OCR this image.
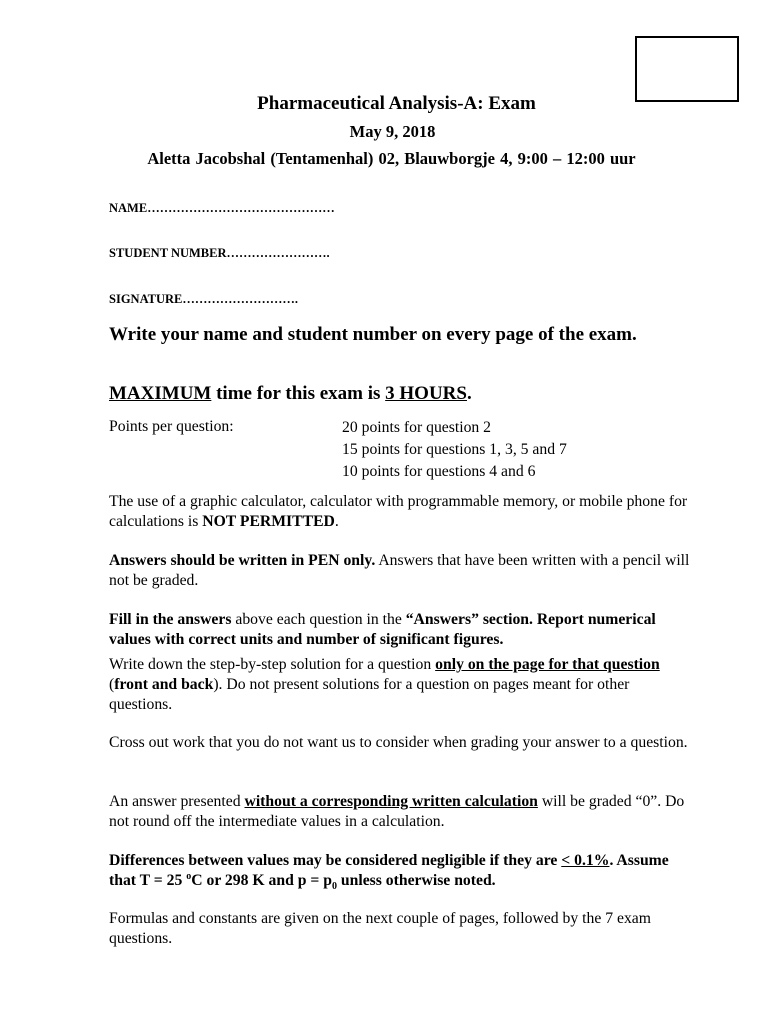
Pharmaceutical Analysis-A: Exam
May 9, 2018
Aletta Jacobshal (Tentamenhal) 02, Blauwborgje 4, 9:00 – 12:00 uur
NAME………………………………………
STUDENT NUMBER…………………….
SIGNATURE……………………….
Write your name and student number on every page of the exam.
MAXIMUM time for this exam is 3 HOURS.
Points per question:	20 points for question 2
15 points for questions 1, 3, 5 and 7
10 points for questions 4 and 6
The use of a graphic calculator, calculator with programmable memory, or mobile phone for calculations is NOT PERMITTED.
Answers should be written in PEN only. Answers that have been written with a pencil will not be graded.
Fill in the answers above each question in the “Answers” section. Report numerical values with correct units and number of significant figures.
Write down the step-by-step solution for a question only on the page for that question (front and back). Do not present solutions for a question on pages meant for other questions.
Cross out work that you do not want us to consider when grading your answer to a question.
An answer presented without a corresponding written calculation will be graded “0”. Do not round off the intermediate values in a calculation.
Differences between values may be considered negligible if they are < 0.1%. Assume that T = 25 $^o$C or 298 K and $p = p_0$ unless otherwise noted.
Formulas and constants are given on the next couple of pages, followed by the 7 exam questions.
